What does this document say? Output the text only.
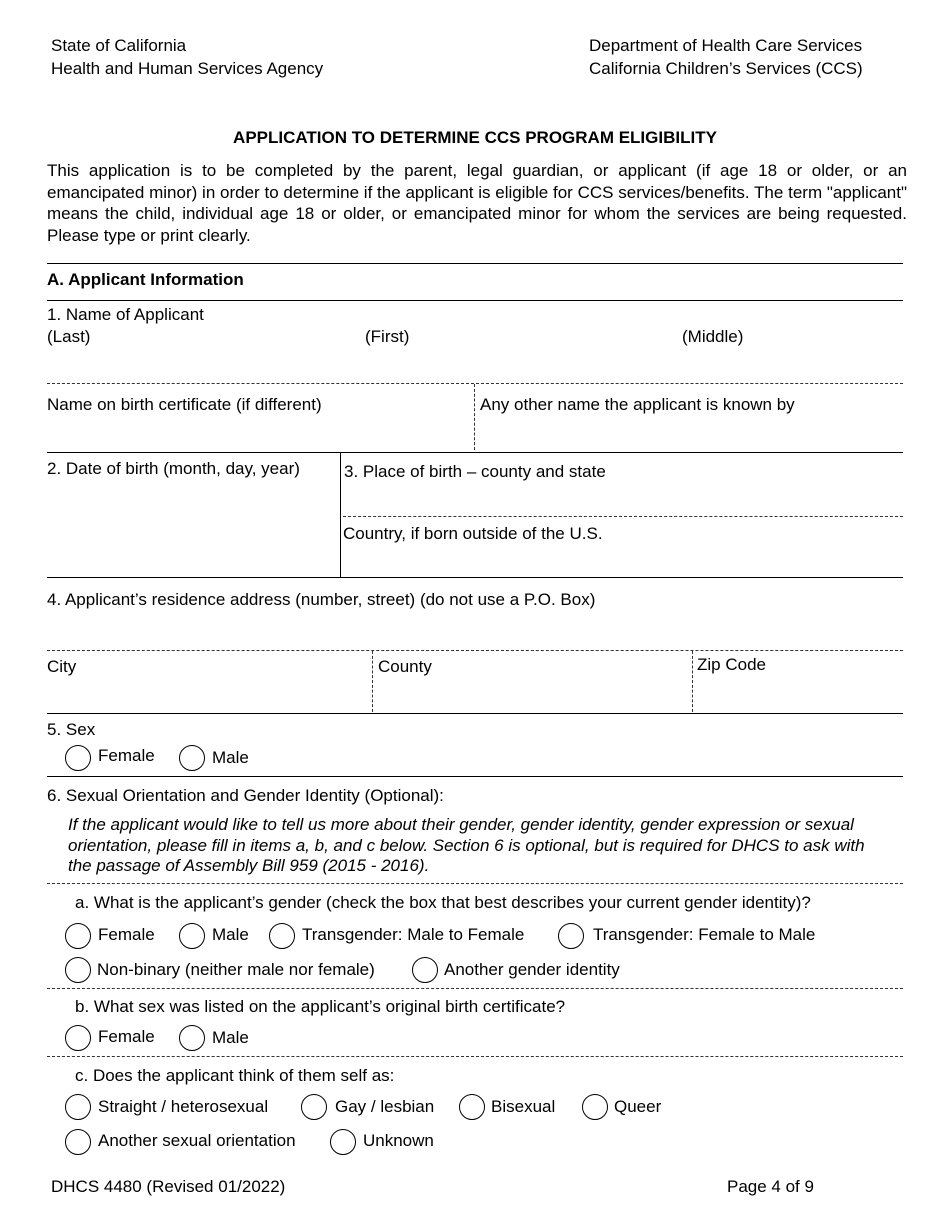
State of California
Health and Human Services Agency
Department of Health Care Services
California Children’s Services (CCS)
APPLICATION TO DETERMINE CCS PROGRAM ELIGIBILITY
This application is to be completed by the parent, legal guardian, or applicant (if age 18 or older, or an emancipated minor) in order to determine if the applicant is eligible for CCS services/benefits. The term "applicant" means the child, individual age 18 or older, or emancipated minor for whom the services are being requested. Please type or print clearly.
A. Applicant Information
1. Name of Applicant
(Last)	(First)	(Middle)
Name on birth certificate (if different)	Any other name the applicant is known by
2. Date of birth (month, day, year)	3. Place of birth – county and state
Country, if born outside of the U.S.
4. Applicant’s residence address (number, street) (do not use a P.O. Box)
City	County	Zip Code
5. Sex
Female	Male
6. Sexual Orientation and Gender Identity (Optional):
If the applicant would like to tell us more about their gender, gender identity, gender expression or sexual orientation, please fill in items a, b, and c below. Section 6 is optional, but is required for DHCS to ask with the passage of Assembly Bill 959 (2015 - 2016).
a. What is the applicant’s gender (check the box that best describes your current gender identity)?
Female	Male	Transgender: Male to Female	Transgender: Female to Male
Non-binary (neither male nor female)	Another gender identity
b. What sex was listed on the applicant’s original birth certificate?
Female	Male
c. Does the applicant think of them self as:
Straight / heterosexual	Gay / lesbian	Bisexual	Queer
Another sexual orientation	Unknown
DHCS 4480 (Revised 01/2022)	Page 4 of 9
